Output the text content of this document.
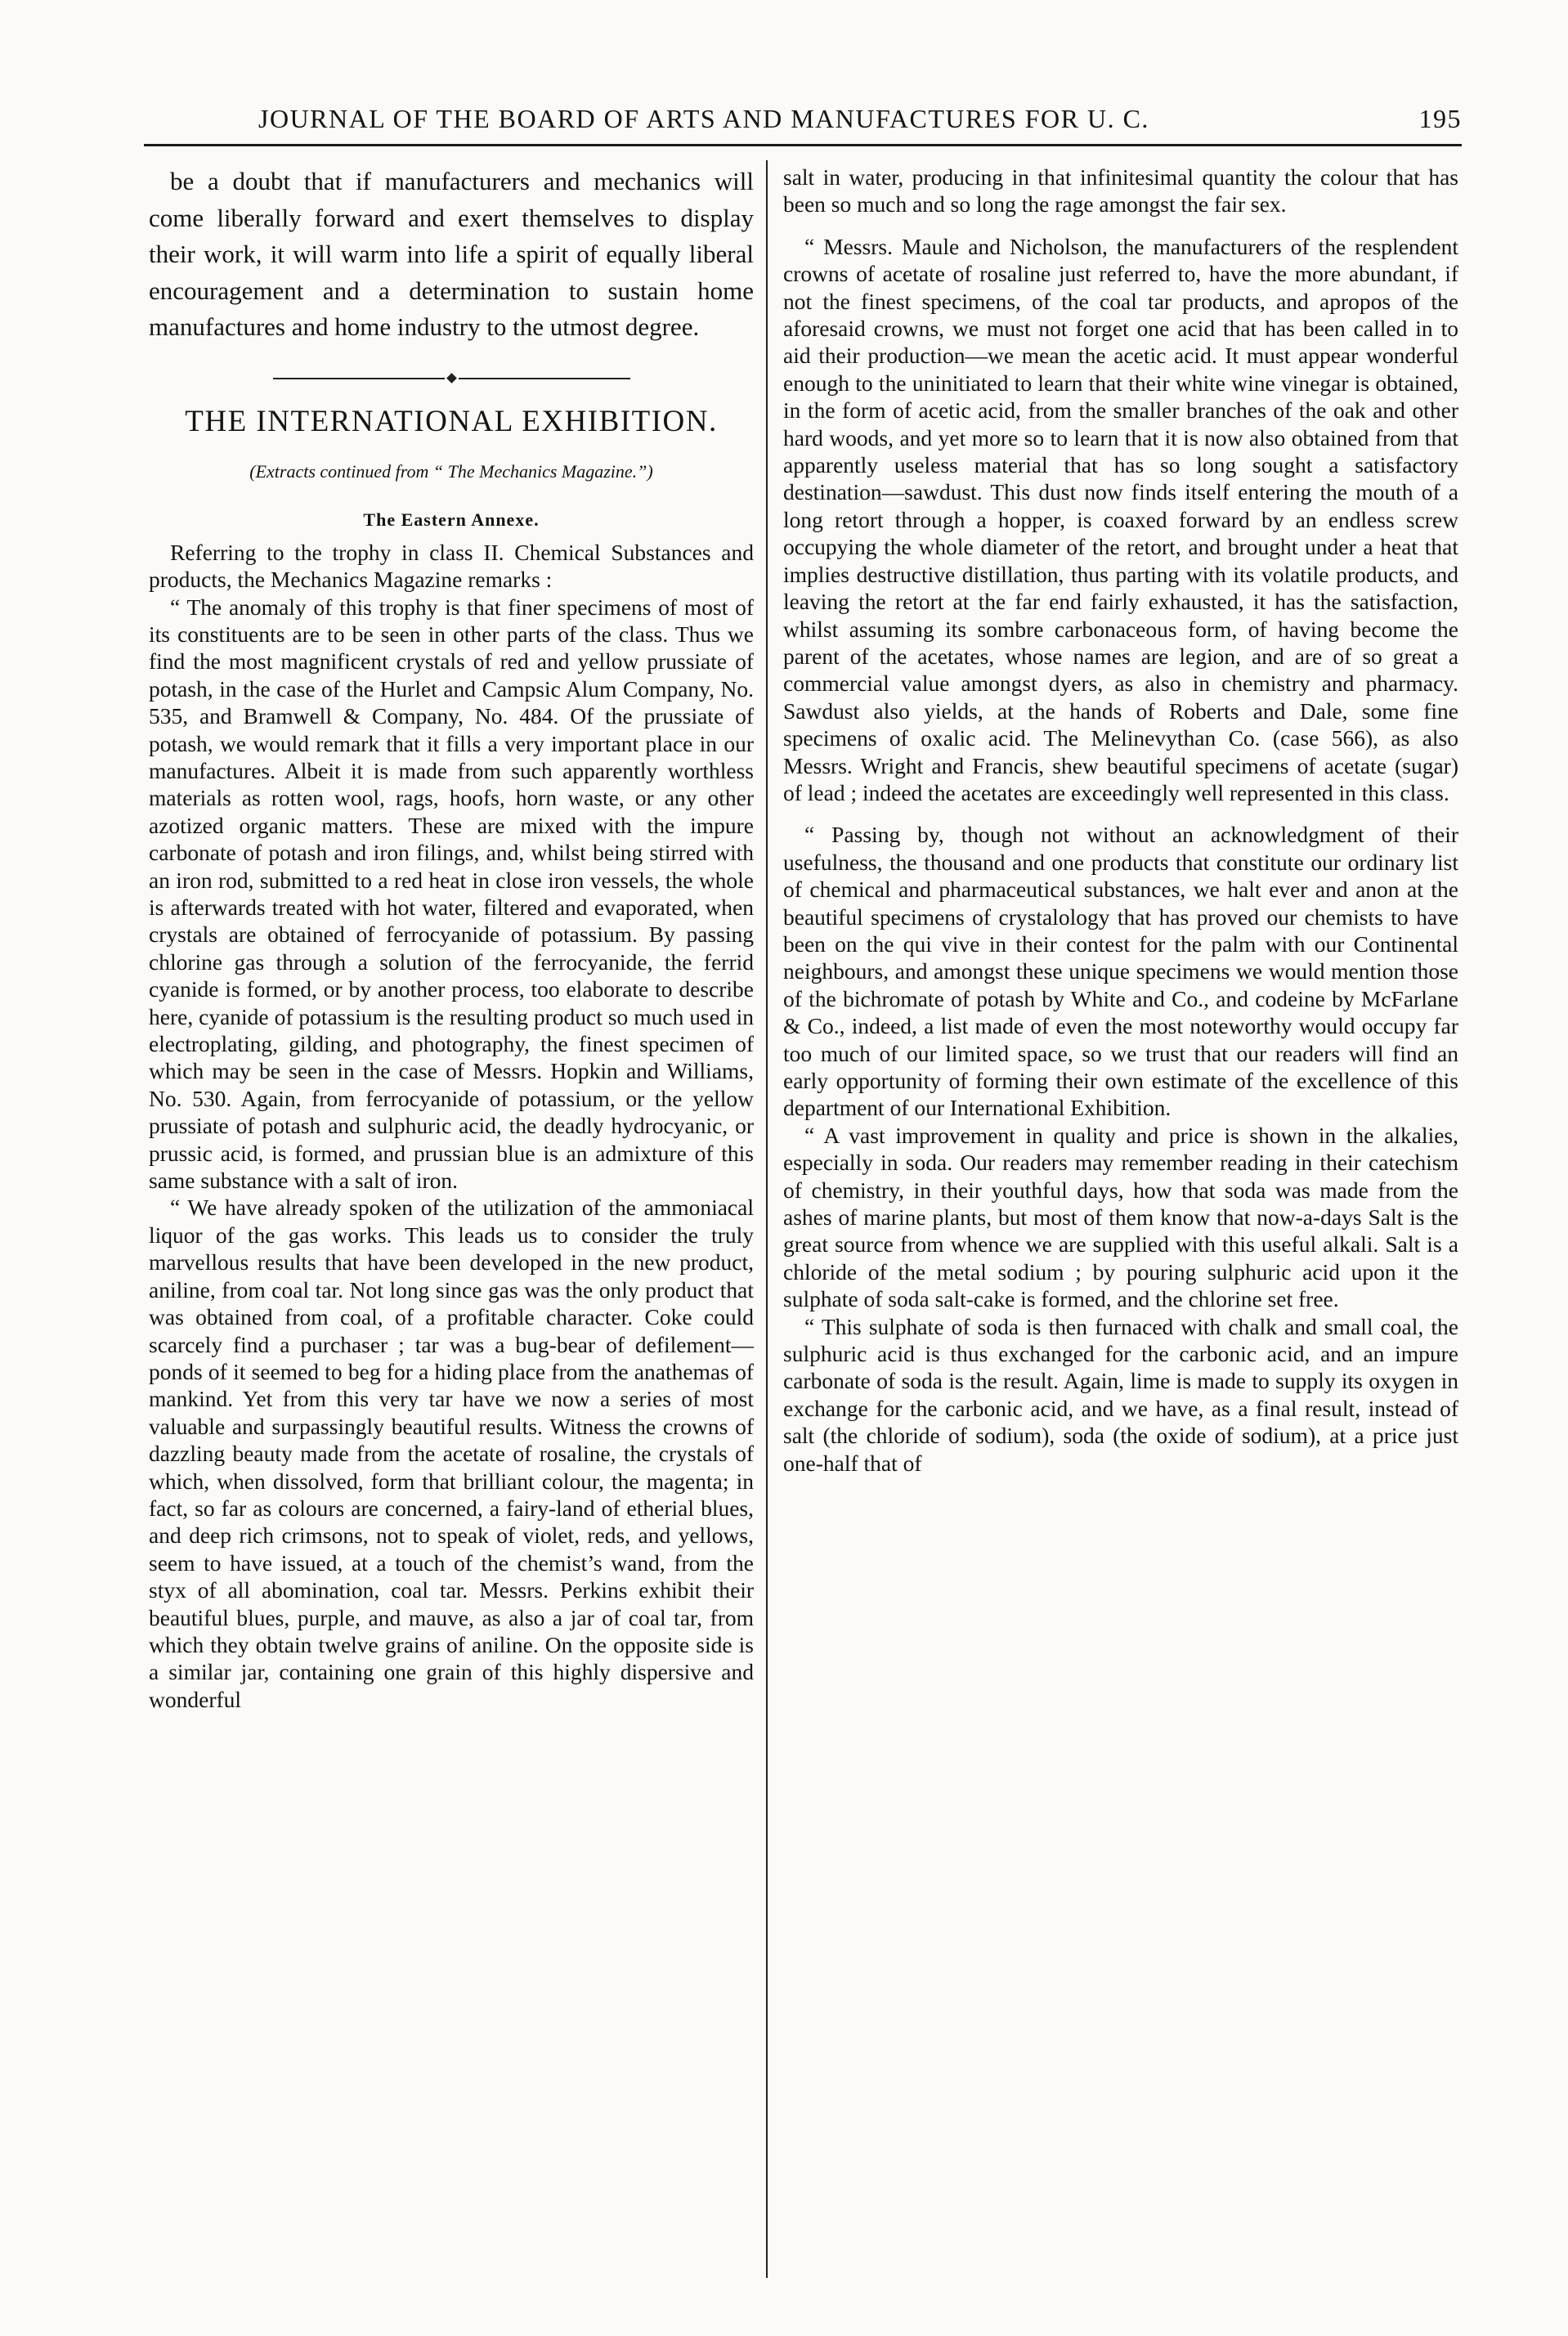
JOURNAL OF THE BOARD OF ARTS AND MANUFACTURES FOR U. C.	195

be a doubt that if manufacturers and mechanics will come liberally forward and exert themselves to display their work, it will warm into life a spirit of equally liberal encouragement and a determination to sustain home manufactures and home industry to the utmost degree.

THE INTERNATIONAL EXHIBITION.
(Extracts continued from “ The Mechanics Magazine.”)
The Eastern Annexe.

Referring to the trophy in class II. Chemical Substances and products, the Mechanics Magazine remarks :

“ The anomaly of this trophy is that finer specimens of most of its constituents are to be seen in other parts of the class. Thus we find the most magnificent crystals of red and yellow prussiate of potash, in the case of the Hurlet and Campsic Alum Company, No. 535, and Bramwell & Company, No. 484. Of the prussiate of potash, we would remark that it fills a very important place in our manufactures. Albeit it is made from such apparently worthless materials as rotten wool, rags, hoofs, horn waste, or any other azotized organic matters. These are mixed with the impure carbonate of potash and iron filings, and, whilst being stirred with an iron rod, submitted to a red heat in close iron vessels, the whole is afterwards treated with hot water, filtered and evaporated, when crystals are obtained of ferrocyanide of potassium. By passing chlorine gas through a solution of the ferrocyanide, the ferrid cyanide is formed, or by another process, too elaborate to describe here, cyanide of potassium is the resulting product so much used in electroplating, gilding, and photography, the finest specimen of which may be seen in the case of Messrs. Hopkin and Williams, No. 530. Again, from ferrocyanide of potassium, or the yellow prussiate of potash and sulphuric acid, the deadly hydrocyanic, or prussic acid, is formed, and prussian blue is an admixture of this same substance with a salt of iron.

“ We have already spoken of the utilization of the ammoniacal liquor of the gas works. This leads us to consider the truly marvellous results that have been developed in the new product, aniline, from coal tar. Not long since gas was the only product that was obtained from coal, of a profitable character. Coke could scarcely find a purchaser ; tar was a bug-bear of defilement—ponds of it seemed to beg for a hiding place from the anathemas of mankind. Yet from this very tar have we now a series of most valuable and surpassingly beautiful results. Witness the crowns of dazzling beauty made from the acetate of rosaline, the crystals of which, when dissolved, form that brilliant colour, the magenta; in fact, so far as colours are concerned, a fairy-land of etherial blues, and deep rich crimsons, not to speak of violet, reds, and yellows, seem to have issued, at a touch of the chemist’s wand, from the styx of all abomination, coal tar. Messrs. Perkins exhibit their beautiful blues, purple, and mauve, as also a jar of coal tar, from which they obtain twelve grains of aniline. On the opposite side is a similar jar, containing one grain of this highly dispersive and wonderful

salt in water, producing in that infinitesimal quantity the colour that has been so much and so long the rage amongst the fair sex.

“ Messrs. Maule and Nicholson, the manufacturers of the resplendent crowns of acetate of rosaline just referred to, have the more abundant, if not the finest specimens, of the coal tar products, and apropos of the aforesaid crowns, we must not forget one acid that has been called in to aid their production—we mean the acetic acid. It must appear wonderful enough to the uninitiated to learn that their white wine vinegar is obtained, in the form of acetic acid, from the smaller branches of the oak and other hard woods, and yet more so to learn that it is now also obtained from that apparently useless material that has so long sought a satisfactory destination—sawdust. This dust now finds itself entering the mouth of a long retort through a hopper, is coaxed forward by an endless screw occupying the whole diameter of the retort, and brought under a heat that implies destructive distillation, thus parting with its volatile products, and leaving the retort at the far end fairly exhausted, it has the satisfaction, whilst assuming its sombre carbonaceous form, of having become the parent of the acetates, whose names are legion, and are of so great a commercial value amongst dyers, as also in chemistry and pharmacy. Sawdust also yields, at the hands of Roberts and Dale, some fine specimens of oxalic acid. The Melinevythan Co. (case 566), as also Messrs. Wright and Francis, shew beautiful specimens of acetate (sugar) of lead ; indeed the acetates are exceedingly well represented in this class.

“ Passing by, though not without an acknowledgment of their usefulness, the thousand and one products that constitute our ordinary list of chemical and pharmaceutical substances, we halt ever and anon at the beautiful specimens of crystalology that has proved our chemists to have been on the qui vive in their contest for the palm with our Continental neighbours, and amongst these unique specimens we would mention those of the bichromate of potash by White and Co., and codeine by McFarlane & Co., indeed, a list made of even the most noteworthy would occupy far too much of our limited space, so we trust that our readers will find an early opportunity of forming their own estimate of the excellence of this department of our International Exhibition.

“ A vast improvement in quality and price is shown in the alkalies, especially in soda. Our readers may remember reading in their catechism of chemistry, in their youthful days, how that soda was made from the ashes of marine plants, but most of them know that now-a-days Salt is the great source from whence we are supplied with this useful alkali. Salt is a chloride of the metal sodium ; by pouring sulphuric acid upon it the sulphate of soda salt-cake is formed, and the chlorine set free.

“ This sulphate of soda is then furnaced with chalk and small coal, the sulphuric acid is thus exchanged for the carbonic acid, and an impure carbonate of soda is the result. Again, lime is made to supply its oxygen in exchange for the carbonic acid, and we have, as a final result, instead of salt (the chloride of sodium), soda (the oxide of sodium), at a price just one-half that of
